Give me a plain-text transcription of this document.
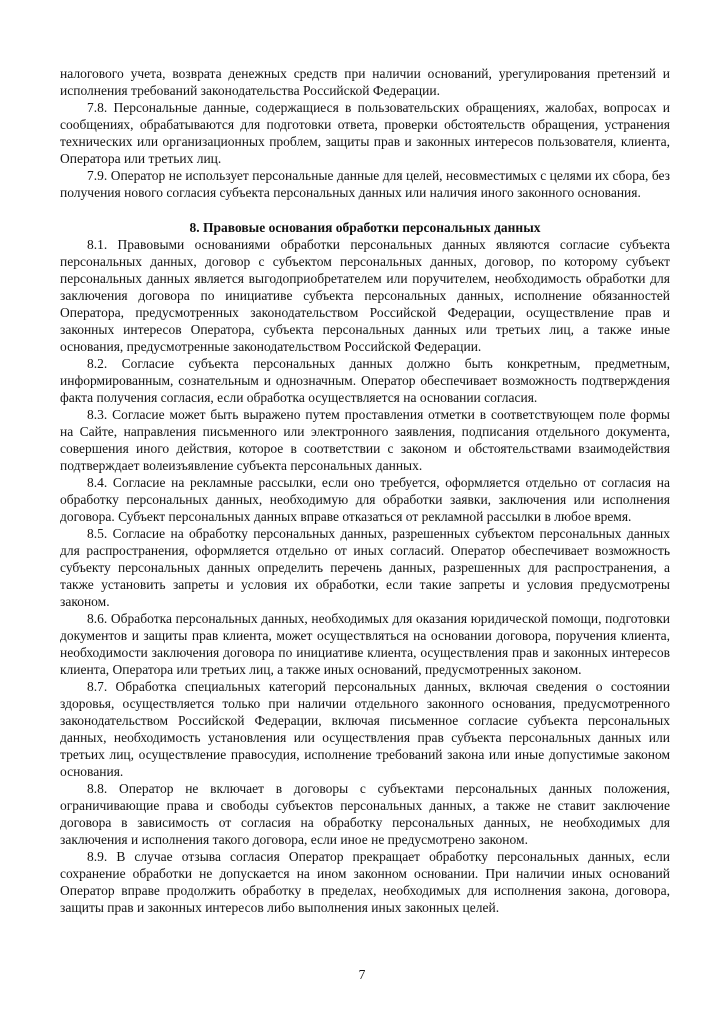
налогового учета, возврата денежных средств при наличии оснований, урегулирования претензий и исполнения требований законодательства Российской Федерации.

7.8. Персональные данные, содержащиеся в пользовательских обращениях, жалобах, вопросах и сообщениях, обрабатываются для подготовки ответа, проверки обстоятельств обращения, устранения технических или организационных проблем, защиты прав и законных интересов пользователя, клиента, Оператора или третьих лиц.

7.9. Оператор не использует персональные данные для целей, несовместимых с целями их сбора, без получения нового согласия субъекта персональных данных или наличия иного законного основания.

8. Правовые основания обработки персональных данных

8.1. Правовыми основаниями обработки персональных данных являются согласие субъекта персональных данных, договор с субъектом персональных данных, договор, по которому субъект персональных данных является выгодоприобретателем или поручителем, необходимость обработки для заключения договора по инициативе субъекта персональных данных, исполнение обязанностей Оператора, предусмотренных законодательством Российской Федерации, осуществление прав и законных интересов Оператора, субъекта персональных данных или третьих лиц, а также иные основания, предусмотренные законодательством Российской Федерации.

8.2. Согласие субъекта персональных данных должно быть конкретным, предметным, информированным, сознательным и однозначным. Оператор обеспечивает возможность подтверждения факта получения согласия, если обработка осуществляется на основании согласия.

8.3. Согласие может быть выражено путем проставления отметки в соответствующем поле формы на Сайте, направления письменного или электронного заявления, подписания отдельного документа, совершения иного действия, которое в соответствии с законом и обстоятельствами взаимодействия подтверждает волеизъявление субъекта персональных данных.

8.4. Согласие на рекламные рассылки, если оно требуется, оформляется отдельно от согласия на обработку персональных данных, необходимую для обработки заявки, заключения или исполнения договора. Субъект персональных данных вправе отказаться от рекламной рассылки в любое время.

8.5. Согласие на обработку персональных данных, разрешенных субъектом персональных данных для распространения, оформляется отдельно от иных согласий. Оператор обеспечивает возможность субъекту персональных данных определить перечень данных, разрешенных для распространения, а также установить запреты и условия их обработки, если такие запреты и условия предусмотрены законом.

8.6. Обработка персональных данных, необходимых для оказания юридической помощи, подготовки документов и защиты прав клиента, может осуществляться на основании договора, поручения клиента, необходимости заключения договора по инициативе клиента, осуществления прав и законных интересов клиента, Оператора или третьих лиц, а также иных оснований, предусмотренных законом.

8.7. Обработка специальных категорий персональных данных, включая сведения о состоянии здоровья, осуществляется только при наличии отдельного законного основания, предусмотренного законодательством Российской Федерации, включая письменное согласие субъекта персональных данных, необходимость установления или осуществления прав субъекта персональных данных или третьих лиц, осуществление правосудия, исполнение требований закона или иные допустимые законом основания.

8.8. Оператор не включает в договоры с субъектами персональных данных положения, ограничивающие права и свободы субъектов персональных данных, а также не ставит заключение договора в зависимость от согласия на обработку персональных данных, не необходимых для заключения и исполнения такого договора, если иное не предусмотрено законом.

8.9. В случае отзыва согласия Оператор прекращает обработку персональных данных, если сохранение обработки не допускается на ином законном основании. При наличии иных оснований Оператор вправе продолжить обработку в пределах, необходимых для исполнения закона, договора, защиты прав и законных интересов либо выполнения иных законных целей.

7
